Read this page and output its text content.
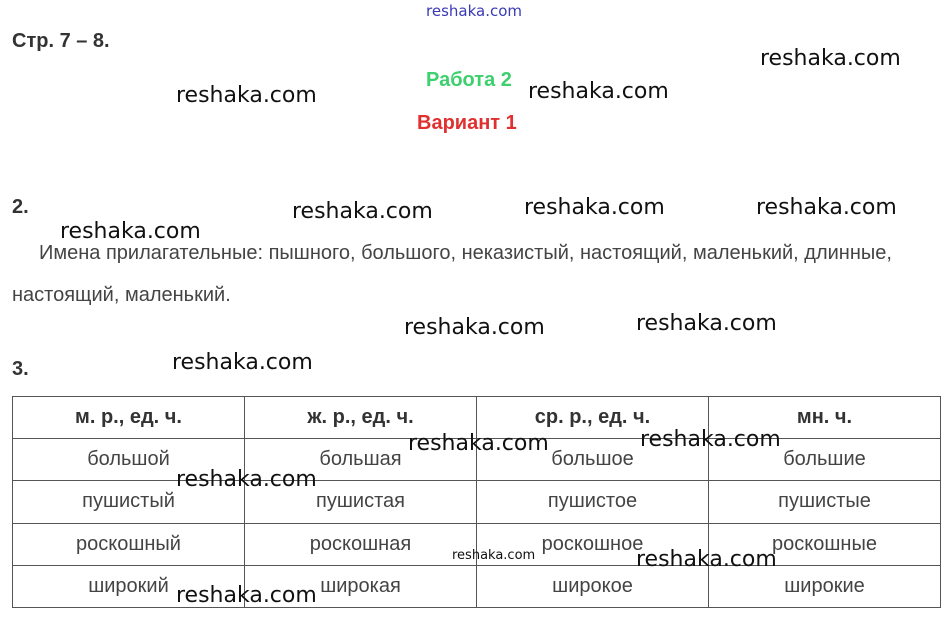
Стр. 7 – 8.
Работа 2
Вариант 1
2.
Имена прилагательные: пышного, большого, неказистый, настоящий, маленький, длинные, настоящий, маленький.
3.
м. р., ед. ч.	ж. р., ед. ч.	ср. р., ед. ч.	мн. ч.
большой	большая	большое	большие
пушистый	пушистая	пушистое	пушистые
роскошный	роскошная	роскошное	роскошные
широкий	широкая	широкое	широкие
reshaka.com
reshaka.com
reshaka.com	reshaka.com
reshaka.com	reshaka.com	reshaka.com
reshaka.com
reshaka.com	reshaka.com
reshaka.com
reshaka.com	reshaka.com
reshaka.com
reshaka.com
reshaka.com
reshaka.com
